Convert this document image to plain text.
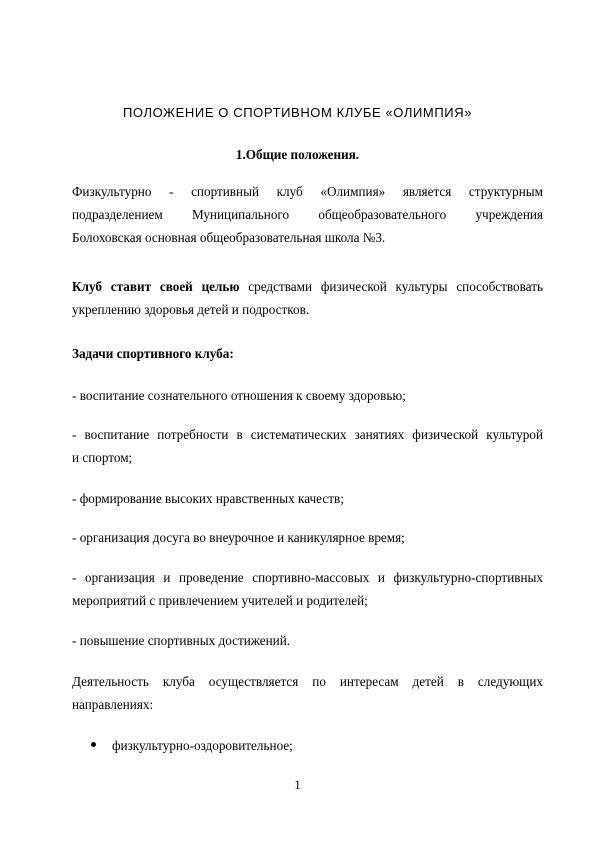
ПОЛОЖЕНИЕ О СПОРТИВНОМ КЛУБЕ «ОЛИМПИЯ»
1.Общие положения.
Физкультурно - спортивный клуб «Олимпия» является структурным
подразделением Муниципального общеобразовательного учреждения
Болоховская основная общеобразовательная школа №3.
Клуб ставит своей целью средствами физической культуры способствовать
укреплению здоровья детей и подростков.
Задачи спортивного клуба:
- воспитание сознательного отношения к своему здоровью;
- воспитание потребности в систематических занятиях физической культурой
и спортом;
- формирование высоких нравственных качеств;
- организация досуга во внеурочное и каникулярное время;
- организация и проведение спортивно-массовых и физкультурно-спортивных
мероприятий с привлечением учителей и родителей;
- повышение спортивных достижений.
Деятельность клуба осуществляется по интересам детей в следующих
направлениях:
физкультурно-оздоровительное;
1
